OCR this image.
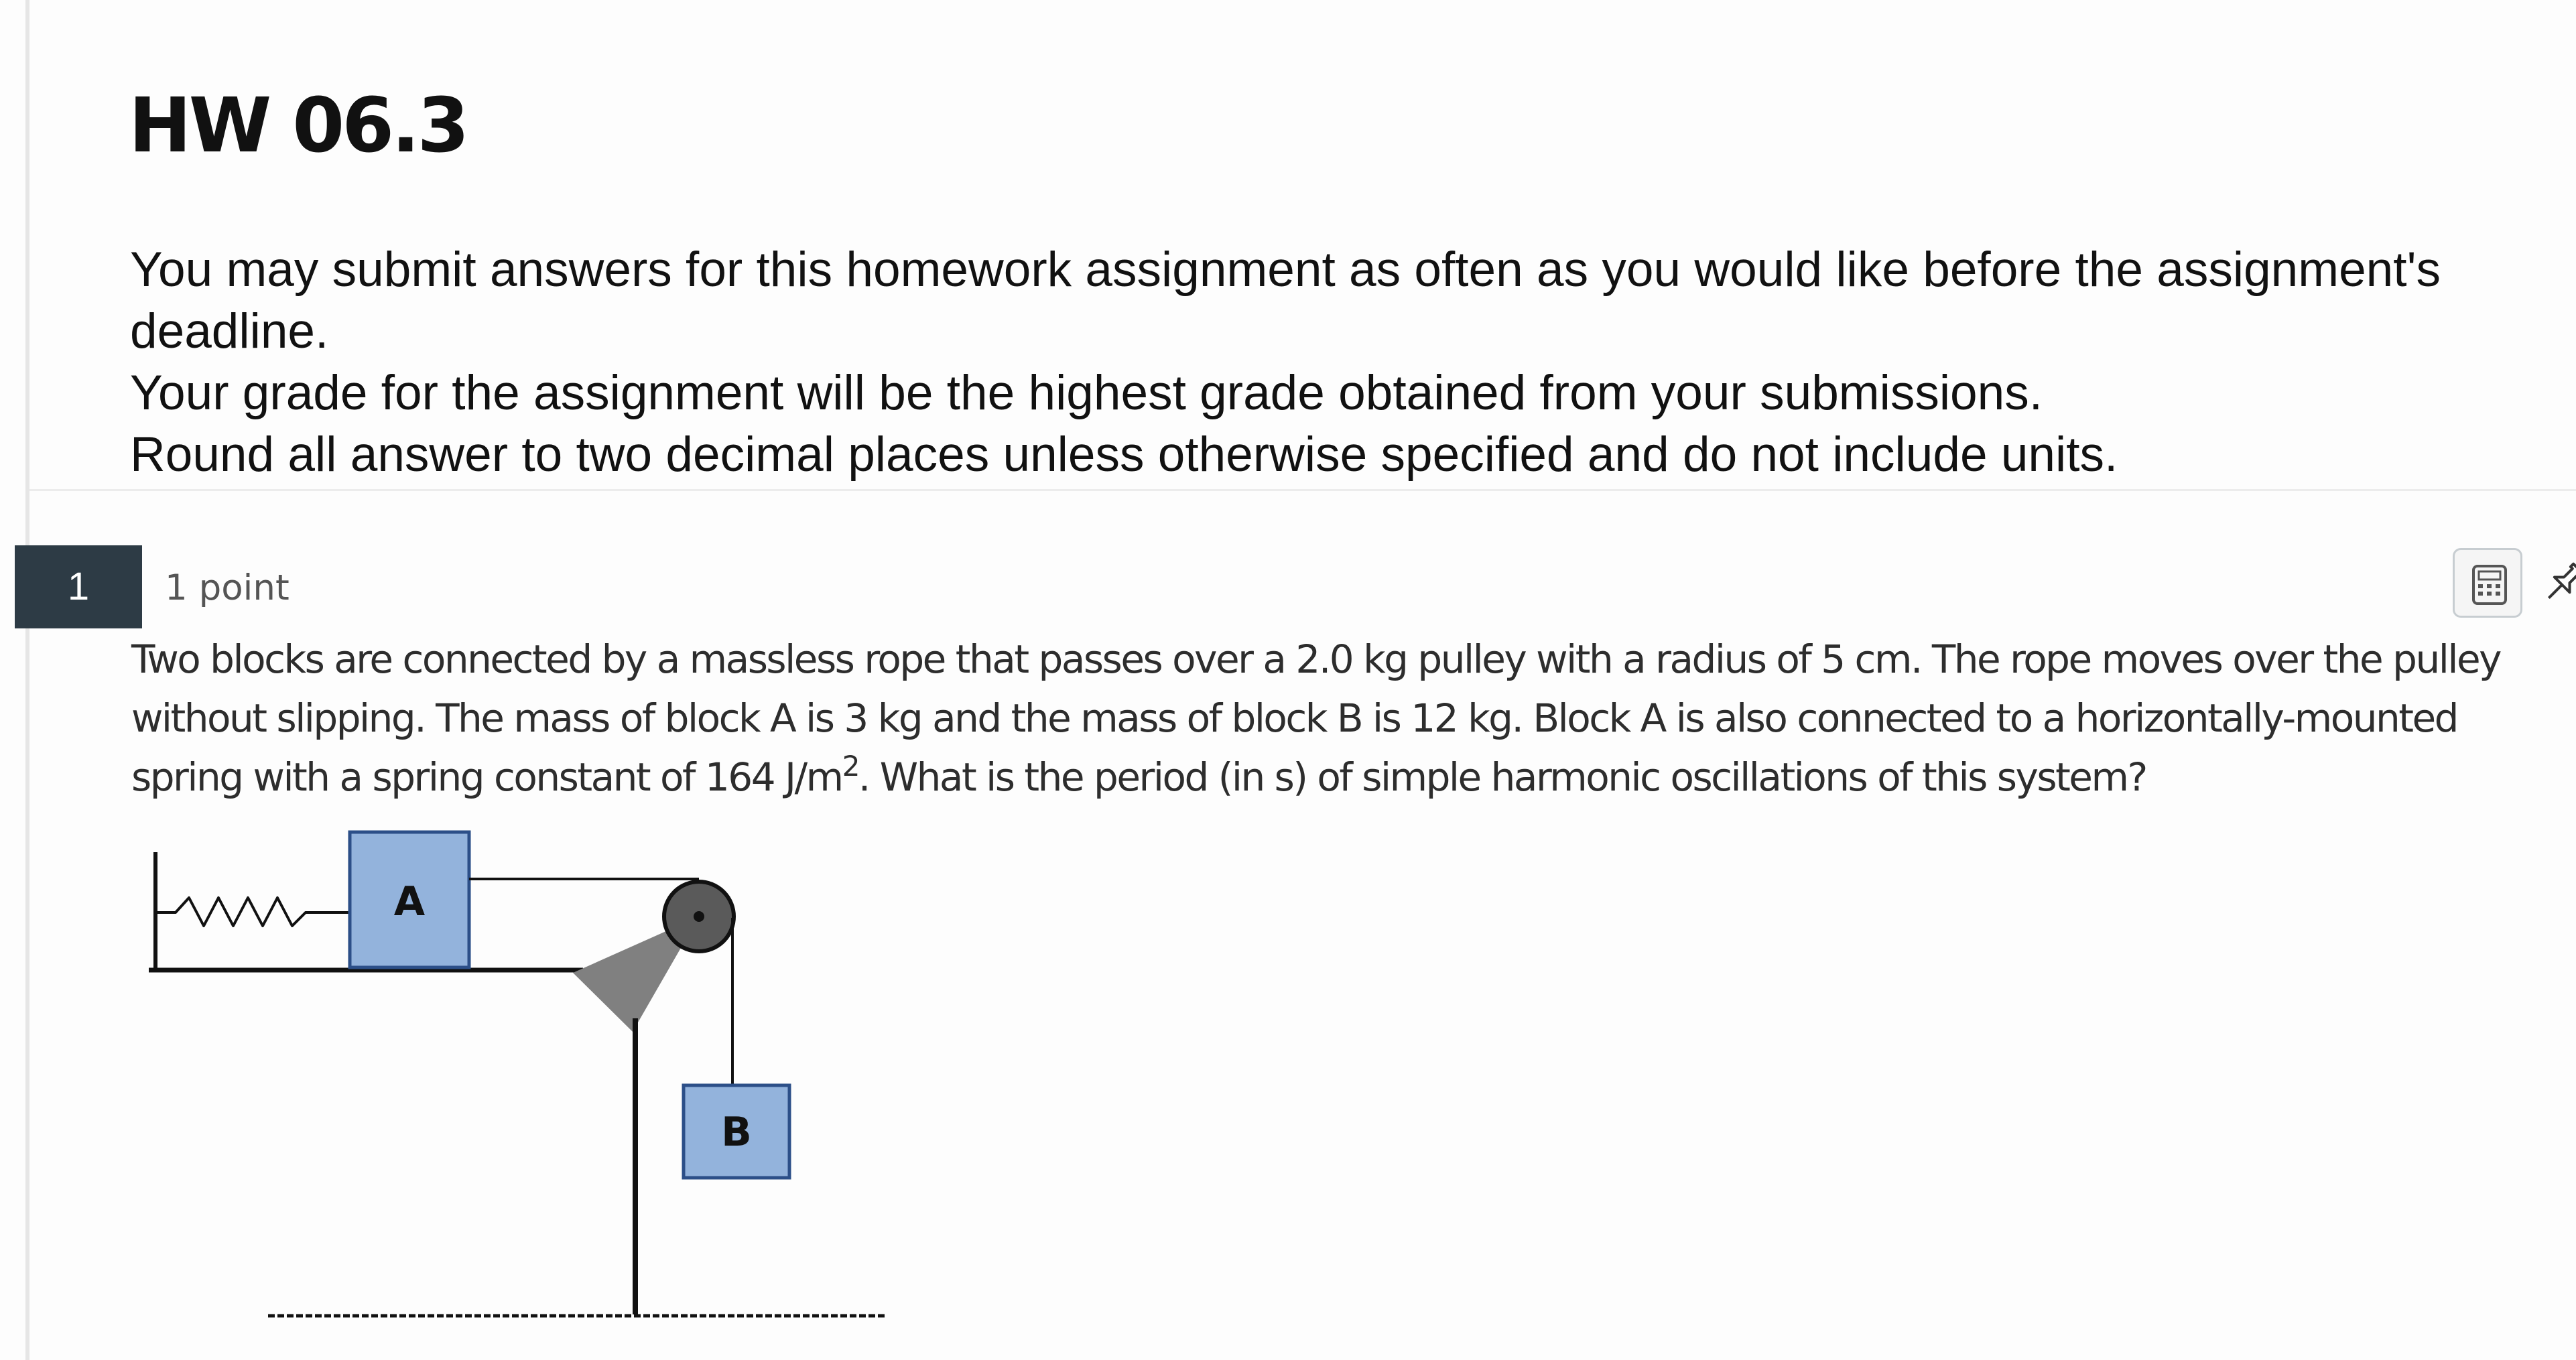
HW 06.3

You may submit answers for this homework assignment as often as you would like before the assignment's deadline.

Your grade for the assignment will be the highest grade obtained from your submissions.

Round all answer to two decimal places unless otherwise specified and do not include units.

1	1 point

Two blocks are connected by a massless rope that passes over a 2.0 kg pulley with a radius of 5 cm. The rope moves over the pulley without slipping. The mass of block A is 3 kg and the mass of block B is 12 kg. Block A is also connected to a horizontally-mounted spring with a spring constant of 164 $J/m^2$. What is the period (in s) of simple harmonic oscillations of this system?

A
B
